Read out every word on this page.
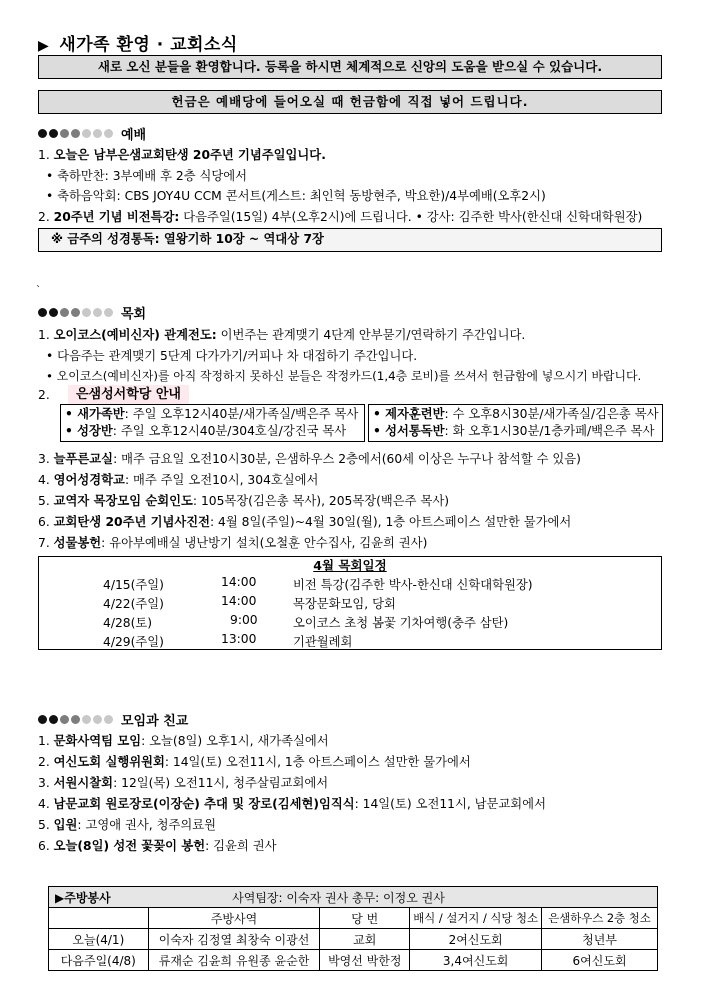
▶ 새가족 환영 · 교회소식
새로 오신 분들을 환영합니다. 등록을 하시면 체계적으로 신앙의 도움을 받으실 수 있습니다.
헌금은 예배당에 들어오실 때 헌금함에 직접 넣어 드립니다.
예배
1. 오늘은 남부은샘교회탄생 20주년 기념주일입니다.
• 축하만찬: 3부예배 후 2층 식당에서
• 축하음악회: CBS JOY4U CCM 콘서트(게스트: 최인혁 동방현주, 박요한)/4부예배(오후2시)
2. 20주년 기념 비전특강: 다음주일(15일) 4부(오후2시)에 드립니다. • 강사: 김주한 박사(한신대 신학대학원장)
※ 금주의 성경통독: 열왕기하 10장 ~ 역대상 7장
`
목회
1. 오이코스(예비신자) 관계전도: 이번주는 관계맺기 4단계 안부묻기/연락하기 주간입니다.
• 다음주는 관계맺기 5단계 다가가기/커피나 차 대접하기 주간입니다.
• 오이코스(예비신자)를 아직 작정하지 못하신 분들은 작정카드(1,4층 로비)를 쓰셔서 헌금함에 넣으시기 바랍니다.
2.	은샘성서학당 안내
• 새가족반: 주일 오후12시40분/새가족실/백은주 목사
• 성장반: 주일 오후12시40분/304호실/강진국 목사
• 제자훈련반: 수 오후8시30분/새가족실/김은총 목사
• 성서통독반: 화 오후1시30분/1층카페/백은주 목사
3. 늘푸른교실: 매주 금요일 오전10시30분, 은샘하우스 2층에서(60세 이상은 누구나 참석할 수 있음)
4. 영어성경학교: 매주 주일 오전10시, 304호실에서
5. 교역자 목장모임 순회인도: 105목장(김은총 목사), 205목장(백은주 목사)
6. 교회탄생 20주년 기념사진전: 4월 8일(주일)~4월 30일(월), 1층 아트스페이스 설만한 물가에서
7. 성물봉헌: 유아부예배실 냉난방기 설치(오철훈 안수집사, 김윤희 권사)
4월 목회일정
4/15(주일)	14:00	비전 특강(김주한 박사-한신대 신학대학원장)
4/22(주일)	14:00	목장문화모임, 당회
4/28(토)	9:00	오이코스 초청 봄꽃 기차여행(충주 삼탄)
4/29(주일)	13:00	기관월례회
모임과 친교
1. 문화사역팀 모임: 오늘(8일) 오후1시, 새가족실에서
2. 여신도회 실행위원회: 14일(토) 오전11시, 1층 아트스페이스 설만한 물가에서
3. 서원시찰회: 12일(목) 오전11시, 청주살림교회에서
4. 남문교회 원로장로(이장순) 추대 및 장로(김세현)임직식: 14일(토) 오전11시, 남문교회에서
5. 입원: 고영애 권사, 청주의료원
6. 오늘(8일) 성전 꽃꽂이 봉헌: 김윤희 권사
▶주방봉사	사역팀장: 이숙자 권사 총무: 이정오 권사			
	주방사역	당 번	배식 / 설거지 / 식당 청소	은샘하우스 2층 청소
오늘(4/1)	이숙자 김정열 최창숙 이광선	교회	2여신도회	청년부
다음주일(4/8)	류재순 김윤희 유원종 윤순한	박영선 박한정	3,4여신도회	6여신도회
